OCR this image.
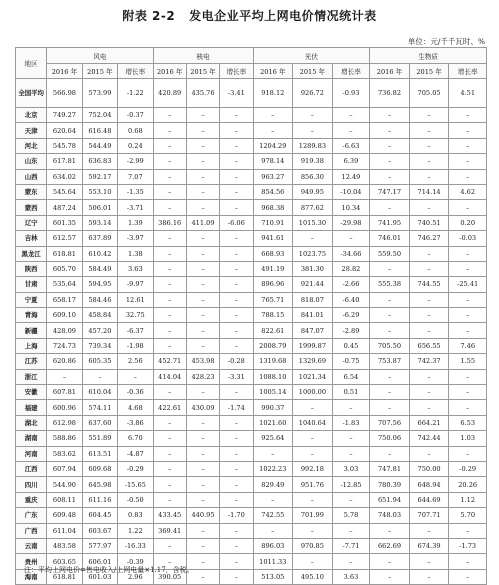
附表 2-2 发电企业平均上网电价情况统计表
单位：元/千千瓦时、%
地区	风电			核电			光伏			生物质		
	2016 年	2015 年	增长率	2016 年	2015 年	增长率	2016 年	2015 年	增长率	2016 年	2015 年	增长率
全国平均	566.98	573.99	-1.22	420.89	435.76	-3.41	918.12	926.72	-0.93	736.82	705.05	4.51
北京	749.27	752.04	-0.37	–	–	–	–	–	–	–	–	–
天津	620.64	616.48	0.68	–	–	–	–	–	–	–	–	–
河北	545.78	544.49	0.24	–	–	–	1204.29	1289.83	-6.63	–	–	–
山东	617.81	636.83	-2.99	–	–	–	978.14	919.38	6.39	–	–	–
山西	634.02	592.17	7.07	–	–	–	963.27	856.30	12.49	–	–	–
蒙东	545.64	553.10	-1.35	–	–	–	854.56	949.95	-10.04	747.17	714.14	4.62
蒙西	487.24	506.01	-3.71	–	–	–	968.38	877.62	10.34	–	–	–
辽宁	601.35	593.14	1.39	386.16	411.09	-6.06	710.91	1015.30	-29.98	741.95	740.51	0.20
吉林	612.57	637.89	-3.97	–	–	–	941.61	–	–	746.01	746.27	-0.03
黑龙江	618.81	610.42	1.38	–	–	–	668.93	1023.75	-34.66	559.50	–	–
陕西	605.70	584.49	3.63	–	–	–	491.19	381.30	28.82	–	–	–
甘肃	535.64	594.95	-9.97	–	–	–	896.96	921.44	-2.66	555.38	744.55	-25.41
宁夏	658.17	584.46	12.61	–	–	–	765.71	818.07	-6.40	–	–	–
青海	609.10	458.84	32.75	–	–	–	788.15	841.01	-6.29	–	–	–
新疆	428.09	457.20	-6.37	–	–	–	822.61	847.07	-2.89	–	–	–
上海	724.73	739.34	-1.98	–	–	–	2008.79	1999.87	0.45	705.50	656.55	7.46
江苏	620.86	605.35	2.56	452.71	453.98	-0.28	1319.68	1329.69	-0.75	753.87	742.37	1.55
浙江	–	–	–	414.04	428.23	-3.31	1088.10	1021.34	6.54	–	–	–
安徽	607.81	610.04	-0.36	–	–	–	1005.14	1000.00	0.51	–	–	–
福建	600.96	574.11	4.68	422.61	430.09	-1.74	990.37	–	–	–	–	–
湖北	612.98	637.60	-3.86	–	–	–	1021.60	1040.64	-1.83	707.56	664.21	6.53
湖南	588.86	551.89	6.70	–	–	–	925.64	–	–	750.06	742.44	1.03
河南	583.62	613.51	-4.87	–	–	–	–	–	–	–	–	–
江西	607.94	609.68	-0.29	–	–	–	1022.23	992.18	3.03	747.81	750.00	-0.29
四川	544.90	645.98	-15.65	–	–	–	829.49	951.76	-12.85	780.39	648.94	20.26
重庆	608.11	611.16	-0.50	–	–	–	–	–	–	651.94	644.69	1.12
广东	609.48	604.45	0.83	433.45	440.95	-1.70	742.55	701.99	5.78	748.03	707.71	5.70
广西	611.04	603.67	1.22	369.41	–	–	–	–	–	–	–	–
云南	483.58	577.97	-16.33	–	–	–	896.03	970.85	-7.71	662.69	674.39	-1.73
贵州	603.65	606.01	-0.39	–	–	–	1011.33	–	–	–	–	–
海南	618.81	601.03	2.96	390.05	–	–	513.05	495.10	3.63	–	–	–
注：平均上网电价=售电收入/上网电量×1.17，含税。
